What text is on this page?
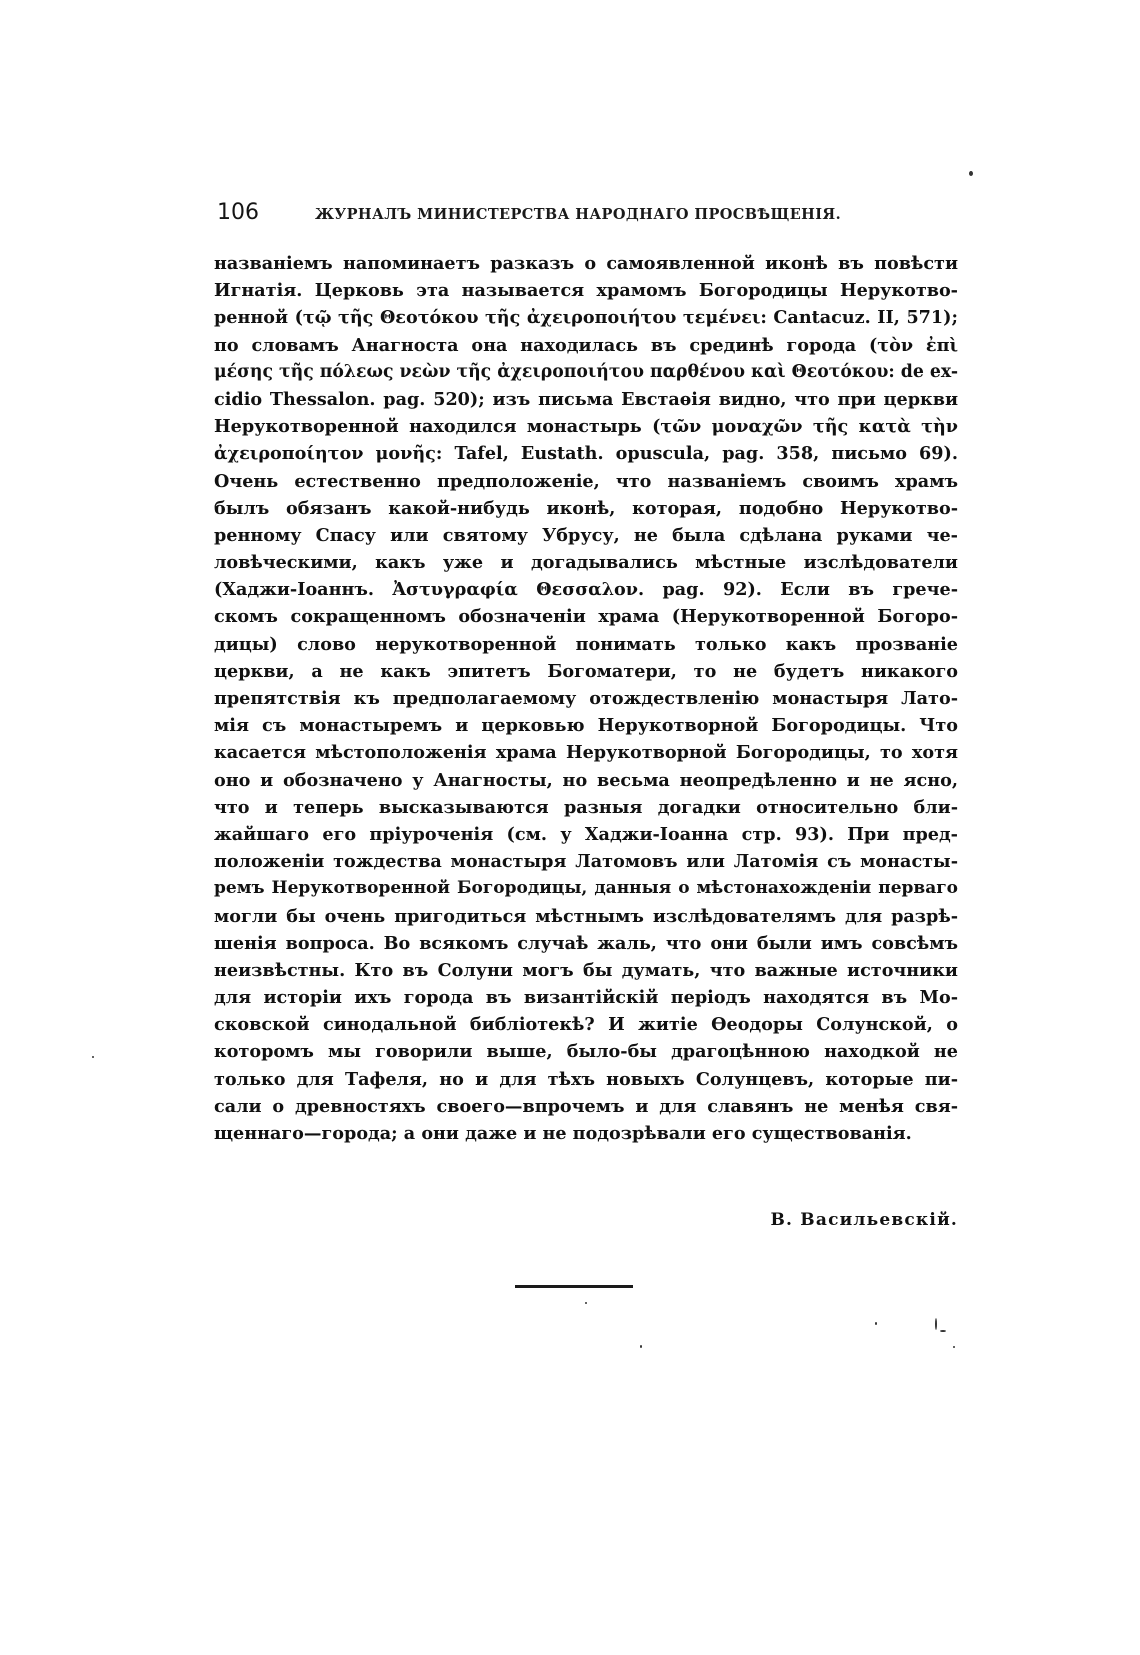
106	ЖУРНАЛЪ МИНИСТЕРСТВА НАРОДНАГО ПРОСВѢЩЕНІЯ.
названіемъ напоминаетъ разказъ о самоявленной иконѣ въ повѣсти
Игнатія. Церковь эта называется храмомъ Богородицы Нерукотво-
ренной (τῷ τῆς Θεοτόκου τῆς ἀχειροποιήτου τεμένει: Cantacuz. II, 571);
по словамъ Анагноста она находилась въ срединѣ города (τὸν ἐπὶ
μέσης τῆς πόλεως νεὼν τῆς ἀχειροποιήτου παρθένου καὶ Θεοτόκου: de ex-
cidio Thessalon. pag. 520); изъ письма Евстаѳія видно, что при церкви
Нерукотворенной находился монастырь (τῶν μοναχῶν τῆς κατὰ τὴν
ἀχειροποίητον μονῆς: Tafel, Eustath. opuscula, pag. 358, письмо 69).
Очень естественно предположеніе, что названіемъ своимъ храмъ
былъ обязанъ какой-нибудь иконѣ, которая, подобно Нерукотво-
ренному Спасу или святому Убрусу, не была сдѣлана руками че-
ловѣческими, какъ уже и догадывались мѣстные изслѣдователи
(Хаджи-Іоаннъ. Ἀστυγραφία Θεσσαλον. pag. 92). Если въ грече-
скомъ сокращенномъ обозначеніи храма (Нерукотворенной Богоро-
дицы) слово нерукотворенной понимать только какъ прозваніе
церкви, а не какъ эпитетъ Богоматери, то не будетъ никакого
препятствія къ предполагаемому отождествленію монастыря Лато-
мія съ монастыремъ и церковью Нерукотворной Богородицы. Что
касается мѣстоположенія храма Нерукотворной Богородицы, то хотя
оно и обозначено у Анагносты, но весьма неопредѣленно и не ясно,
что и теперь высказываются разныя догадки относительно бли-
жайшаго его пріуроченія (см. у Хаджи-Іоанна стр. 93). При пред-
положеніи тождества монастыря Латомовъ или Латомія съ монасты-
ремъ Нерукотворенной Богородицы, данныя о мѣстонахожденіи перваго
могли бы очень пригодиться мѣстнымъ изслѣдователямъ для разрѣ-
шенія вопроса. Во всякомъ случаѣ жаль, что они были имъ совсѣмъ
неизвѣстны. Кто въ Солуни могъ бы думать, что важные источники
для исторіи ихъ города въ византійскій періодъ находятся въ Мо-
сковской синодальной библіотекѣ? И житіе Ѳеодоры Солунской, о
которомъ мы говорили выше, было-бы драгоцѣнною находкой не
только для Тафеля, но и для тѣхъ новыхъ Солунцевъ, которые пи-
сали о древностяхъ своего—впрочемъ и для славянъ не менѣя свя-
щеннаго—города; а они даже и не подозрѣвали его существованія.
В. Васильевскій.
